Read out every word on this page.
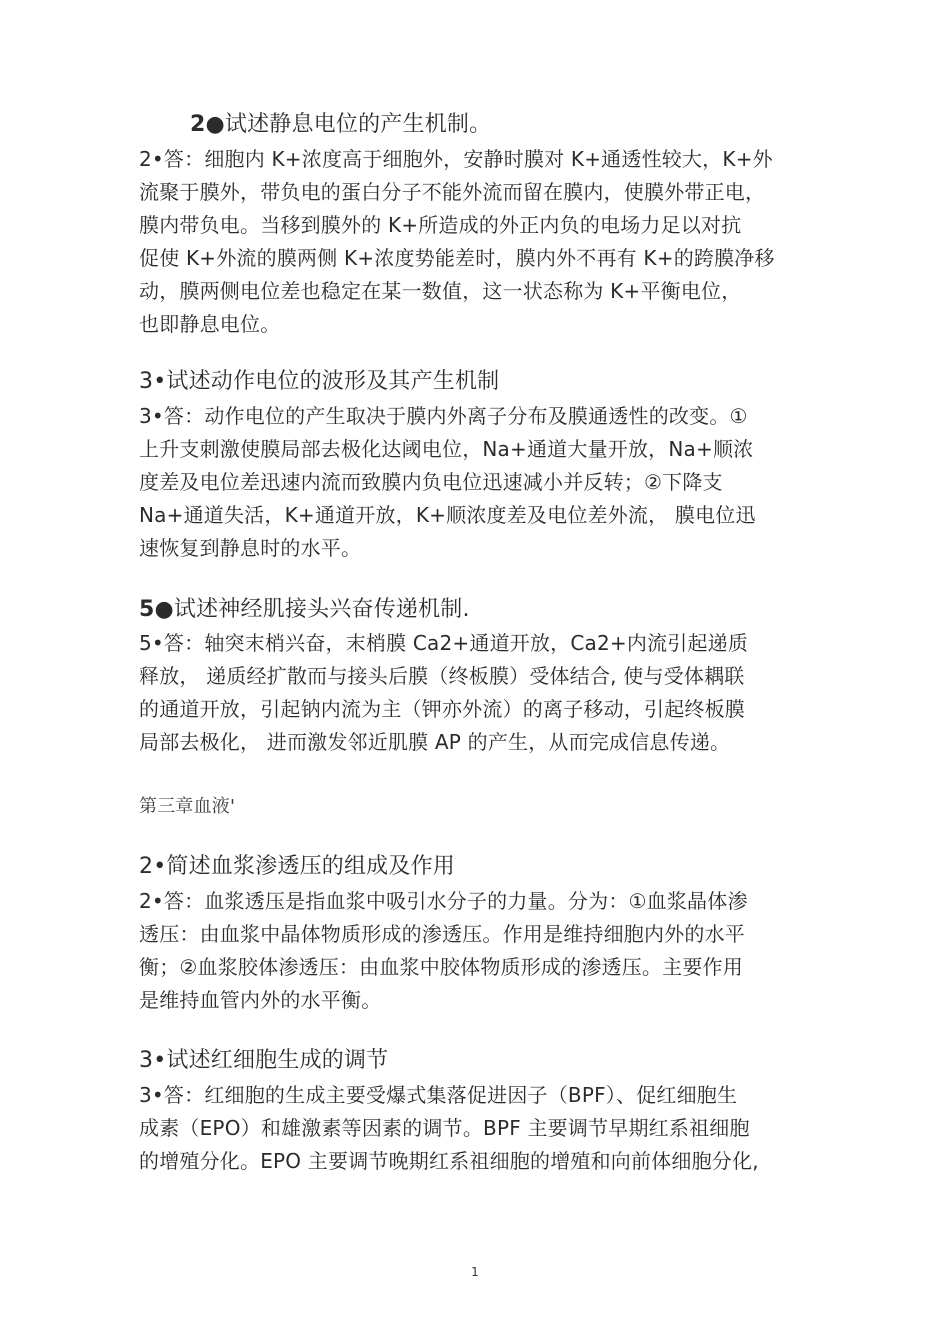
2●试述静息电位的产生机制。
2•答：细胞内 K+浓度高于细胞外，安静时膜对 K+通透性较大，K+外
流聚于膜外，带负电的蛋白分子不能外流而留在膜内，使膜外带正电，
膜内带负电。当移到膜外的 K+所造成的外正内负的电场力足以对抗
促使 K+外流的膜两侧 K+浓度势能差时，膜内外不再有 K+的跨膜净移
动，膜两侧电位差也稳定在某一数值，这一状态称为 K+平衡电位，
也即静息电位。
3•试述动作电位的波形及其产生机制
3•答：动作电位的产生取决于膜内外离子分布及膜通透性的改变。①
上升支刺激使膜局部去极化达阈电位，Na+通道大量开放，Na+顺浓
度差及电位差迅速内流而致膜内负电位迅速减小并反转；②下降支
Na+通道失活，K+通道开放，K+顺浓度差及电位差外流， 膜电位迅
速恢复到静息时的水平。
5●试述神经肌接头兴奋传递机制.
5•答：轴突末梢兴奋，末梢膜 Ca2+通道开放，Ca2+内流引起递质
释放， 递质经扩散而与接头后膜（终板膜）受体结合, 使与受体耦联
的通道开放，引起钠内流为主（钾亦外流）的离子移动，引起终板膜
局部去极化， 进而激发邻近肌膜 AP 的产生，从而完成信息传递。
第三章血液'
2•简述血浆渗透压的组成及作用
2•答：血浆透压是指血浆中吸引水分子的力量。分为：①血浆晶体渗
透压：由血浆中晶体物质形成的渗透压。作用是维持细胞内外的水平
衡；②血浆胶体渗透压：由血浆中胶体物质形成的渗透压。主要作用
是维持血管内外的水平衡。
3•试述红细胞生成的调节
3•答：红细胞的生成主要受爆式集落促进因子（BPF）、促红细胞生
成素（EPO）和雄激素等因素的调节。BPF 主要调节早期红系祖细胞
的增殖分化。EPO 主要调节晚期红系祖细胞的增殖和向前体细胞分化,
1
